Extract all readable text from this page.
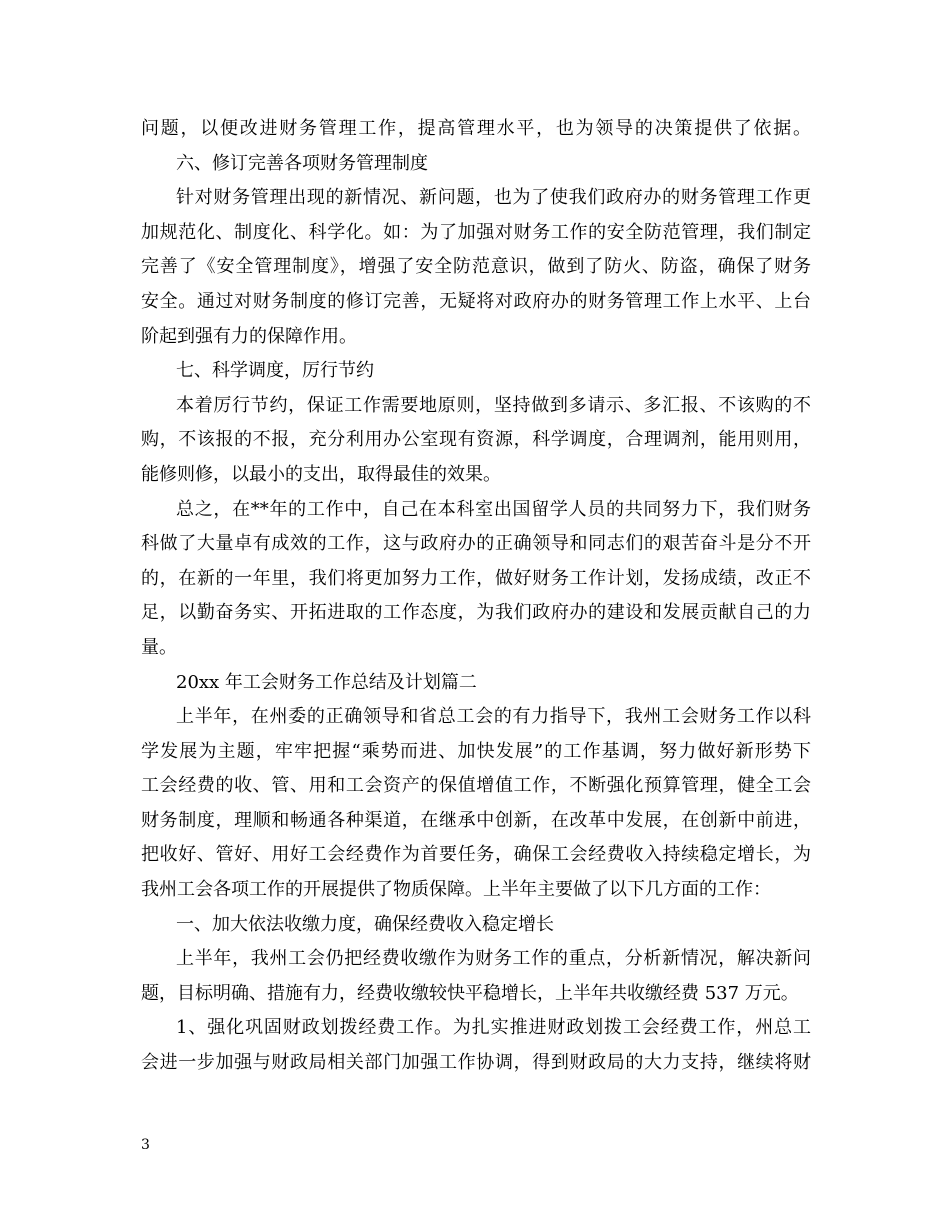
问题，以便改进财务管理工作，提高管理水平，也为领导的决策提供了依据。
六、修订完善各项财务管理制度
针对财务管理出现的新情况、新问题，也为了使我们政府办的财务管理工作更
加规范化、制度化、科学化。如：为了加强对财务工作的安全防范管理，我们制定
完善了《安全管理制度》，增强了安全防范意识，做到了防火、防盗，确保了财务
安全。通过对财务制度的修订完善，无疑将对政府办的财务管理工作上水平、上台
阶起到强有力的保障作用。
七、科学调度，厉行节约
本着厉行节约，保证工作需要地原则，坚持做到多请示、多汇报、不该购的不
购，不该报的不报，充分利用办公室现有资源，科学调度，合理调剂，能用则用，
能修则修，以最小的支出，取得最佳的效果。
总之，在**年的工作中，自己在本科室出国留学人员的共同努力下，我们财务
科做了大量卓有成效的工作，这与政府办的正确领导和同志们的艰苦奋斗是分不开
的，在新的一年里，我们将更加努力工作，做好财务工作计划，发扬成绩，改正不
足，以勤奋务实、开拓进取的工作态度，为我们政府办的建设和发展贡献自己的力
量。
20xx 年工会财务工作总结及计划篇二
上半年，在州委的正确领导和省总工会的有力指导下，我州工会财务工作以科
学发展为主题，牢牢把握“乘势而进、加快发展”的工作基调，努力做好新形势下
工会经费的收、管、用和工会资产的保值增值工作，不断强化预算管理，健全工会
财务制度，理顺和畅通各种渠道，在继承中创新，在改革中发展，在创新中前进，
把收好、管好、用好工会经费作为首要任务，确保工会经费收入持续稳定增长，为
我州工会各项工作的开展提供了物质保障。上半年主要做了以下几方面的工作：
一、加大依法收缴力度，确保经费收入稳定增长
上半年，我州工会仍把经费收缴作为财务工作的重点，分析新情况，解决新问
题，目标明确、措施有力，经费收缴较快平稳增长，上半年共收缴经费 537 万元。
1、强化巩固财政划拨经费工作。为扎实推进财政划拨工会经费工作，州总工
会进一步加强与财政局相关部门加强工作协调，得到财政局的大力支持，继续将财
3
